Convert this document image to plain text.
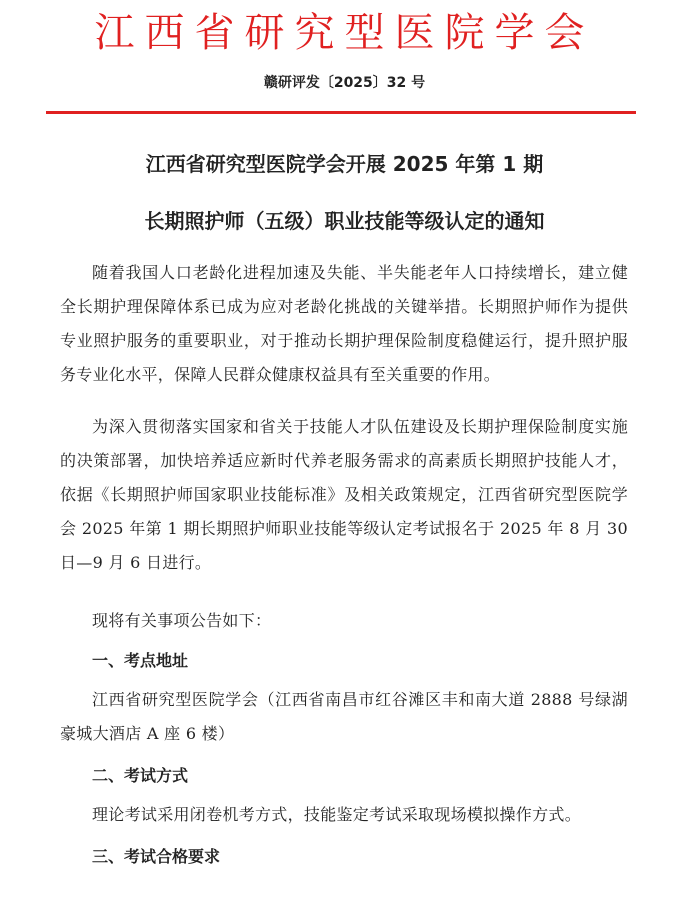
江西省研究型医院学会
赣研评发〔2025〕32 号
江西省研究型医院学会开展 2025 年第 1 期
长期照护师（五级）职业技能等级认定的通知
随着我国人口老龄化进程加速及失能、半失能老年人口持续增长，建立健全长期护理保障体系已成为应对老龄化挑战的关键举措。长期照护师作为提供专业照护服务的重要职业，对于推动长期护理保险制度稳健运行，提升照护服务专业化水平，保障人民群众健康权益具有至关重要的作用。
为深入贯彻落实国家和省关于技能人才队伍建设及长期护理保险制度实施的决策部署，加快培养适应新时代养老服务需求的高素质长期照护技能人才，依据《长期照护师国家职业技能标准》及相关政策规定，江西省研究型医院学会 2025 年第 1 期长期照护师职业技能等级认定考试报名于 2025 年 8 月 30 日—9 月 6 日进行。
现将有关事项公告如下：
一、考点地址
江西省研究型医院学会（江西省南昌市红谷滩区丰和南大道 2888 号绿湖豪城大酒店 A 座 6 楼）
二、考试方式
理论考试采用闭卷机考方式，技能鉴定考试采取现场模拟操作方式。
三、考试合格要求
